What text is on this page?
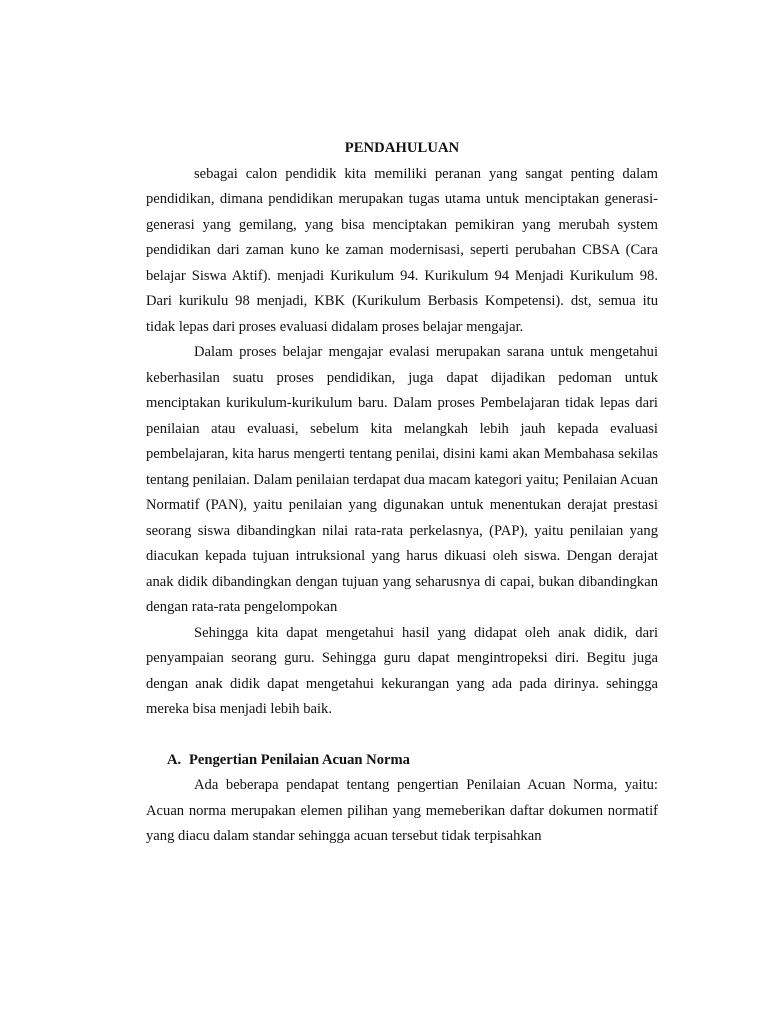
PENDAHULUAN

sebagai calon pendidik kita memiliki peranan yang sangat penting dalam pendidikan, dimana pendidikan merupakan tugas utama untuk menciptakan generasi-generasi yang gemilang, yang bisa menciptakan pemikiran yang merubah system pendidikan dari zaman kuno ke zaman modernisasi, seperti perubahan CBSA (Cara belajar Siswa Aktif). menjadi Kurikulum 94. Kurikulum 94 Menjadi Kurikulum 98. Dari kurikulu 98 menjadi, KBK (Kurikulum Berbasis Kompetensi). dst, semua itu tidak lepas dari proses evaluasi didalam proses belajar mengajar.

Dalam proses belajar mengajar evalasi merupakan sarana untuk mengetahui keberhasilan suatu proses pendidikan, juga dapat dijadikan pedoman untuk menciptakan kurikulum-kurikulum baru. Dalam proses Pembelajaran tidak lepas dari penilaian atau evaluasi, sebelum kita melangkah lebih jauh kepada evaluasi pembelajaran, kita harus mengerti tentang penilai, disini kami akan Membahasa sekilas tentang penilaian. Dalam penilaian terdapat dua macam kategori yaitu; Penilaian Acuan Normatif (PAN), yaitu penilaian yang digunakan untuk menentukan derajat prestasi seorang siswa dibandingkan nilai rata-rata perkelasnya, (PAP), yaitu penilaian yang diacukan kepada tujuan intruksional yang harus dikuasi oleh siswa. Dengan derajat anak didik dibandingkan dengan tujuan yang seharusnya di capai, bukan dibandingkan dengan rata-rata pengelompokan

Sehingga kita dapat mengetahui hasil yang didapat oleh anak didik, dari penyampaian seorang guru. Sehingga guru dapat mengintropeksi diri. Begitu juga dengan anak didik dapat mengetahui kekurangan yang ada pada dirinya. sehingga mereka bisa menjadi lebih baik.

A. Pengertian Penilaian Acuan Norma

Ada beberapa pendapat tentang pengertian Penilaian Acuan Norma, yaitu: Acuan norma merupakan elemen pilihan yang memeberikan daftar dokumen normatif yang diacu dalam standar sehingga acuan tersebut tidak terpisahkan
